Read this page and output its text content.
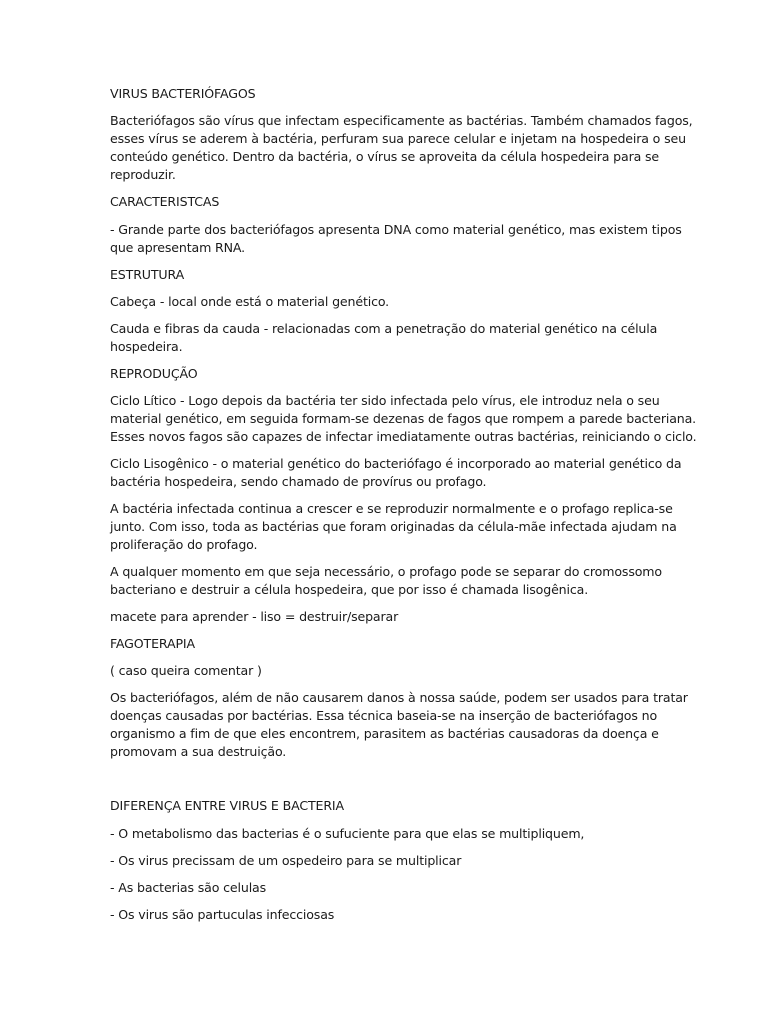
VIRUS BACTERIÓFAGOS
Bacteriófagos são vírus que infectam especificamente as bactérias. Também chamados fagos,
esses vírus se aderem à bactéria, perfuram sua parece celular e injetam na hospedeira o seu
conteúdo genético. Dentro da bactéria, o vírus se aproveita da célula hospedeira para se
reproduzir.
CARACTERISTCAS
- Grande parte dos bacteriófagos apresenta DNA como material genético, mas existem tipos
que apresentam RNA.
ESTRUTURA
Cabeça - local onde está o material genético.
Cauda e fibras da cauda - relacionadas com a penetração do material genético na célula
hospedeira.
REPRODUÇÃO
Ciclo Lítico - Logo depois da bactéria ter sido infectada pelo vírus, ele introduz nela o seu
material genético, em seguida formam-se dezenas de fagos que rompem a parede bacteriana.
Esses novos fagos são capazes de infectar imediatamente outras bactérias, reiniciando o ciclo.
Ciclo Lisogênico - o material genético do bacteriófago é incorporado ao material genético da
bactéria hospedeira, sendo chamado de provírus ou profago.
A bactéria infectada continua a crescer e se reproduzir normalmente e o profago replica-se
junto. Com isso, toda as bactérias que foram originadas da célula-mãe infectada ajudam na
proliferação do profago.
A qualquer momento em que seja necessário, o profago pode se separar do cromossomo
bacteriano e destruir a célula hospedeira, que por isso é chamada lisogênica.
macete para aprender - liso = destruir/separar
FAGOTERAPIA
( caso queira comentar )
Os bacteriófagos, além de não causarem danos à nossa saúde, podem ser usados para tratar
doenças causadas por bactérias. Essa técnica baseia-se na inserção de bacteriófagos no
organismo a fim de que eles encontrem, parasitem as bactérias causadoras da doença e
promovam a sua destruição.
DIFERENÇA ENTRE VIRUS E BACTERIA
- O metabolismo das bacterias é o sufuciente para que elas se multipliquem,
- Os virus precissam de um ospedeiro para se multiplicar
- As bacterias são celulas
- Os virus são partuculas infecciosas
